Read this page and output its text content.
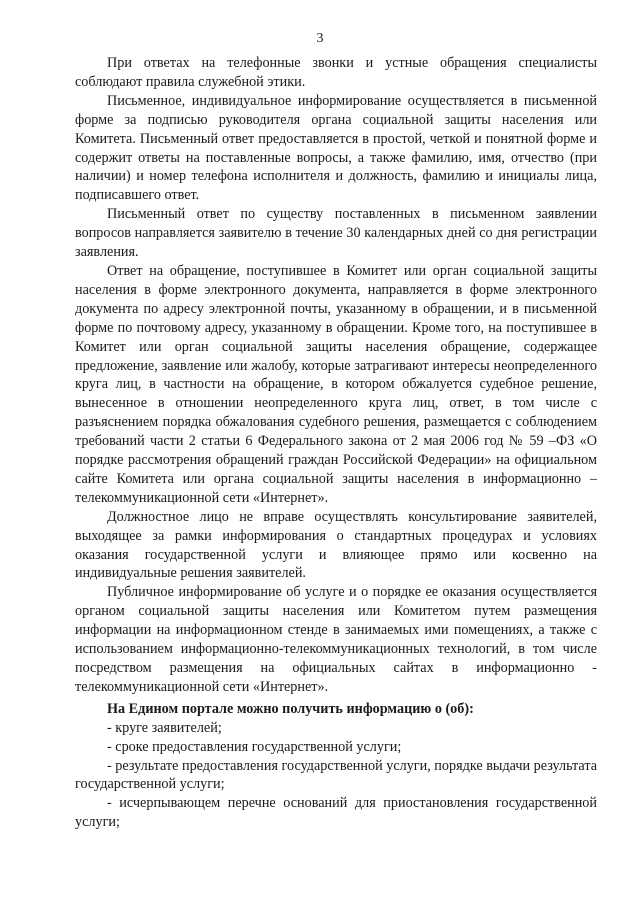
3

При ответах на телефонные звонки и устные обращения специалисты соблюдают правила служебной этики.

Письменное, индивидуальное информирование осуществляется в письменной форме за подписью руководителя органа социальной защиты населения или Комитета. Письменный ответ предоставляется в простой, четкой и понятной форме и содержит ответы на поставленные вопросы, а также фамилию, имя, отчество (при наличии) и номер телефона исполнителя и должность, фамилию и инициалы лица, подписавшего ответ.

Письменный ответ по существу поставленных в письменном заявлении вопросов направляется заявителю в течение 30 календарных дней со дня регистрации заявления.

Ответ на обращение, поступившее в Комитет или орган социальной защиты населения в форме электронного документа, направляется в форме электронного документа по адресу электронной почты, указанному в обращении, и в письменной форме по почтовому адресу, указанному в обращении. Кроме того, на поступившее в Комитет или орган социальной защиты населения обращение, содержащее предложение, заявление или жалобу, которые затрагивают интересы неопределенного круга лиц, в частности на обращение, в котором обжалуется судебное решение, вынесенное в отношении неопределенного круга лиц, ответ, в том числе с разъяснением порядка обжалования судебного решения, размещается с соблюдением требований части 2 статьи 6 Федерального закона от 2 мая 2006 год № 59 –ФЗ «О порядке рассмотрения обращений граждан Российской Федерации» на официальном сайте Комитета или органа социальной защиты населения в информационно – телекоммуникационной сети «Интернет».

Должностное лицо не вправе осуществлять консультирование заявителей, выходящее за рамки информирования о стандартных процедурах и условиях оказания государственной услуги и влияющее прямо или косвенно на индивидуальные решения заявителей.

Публичное информирование об услуге и о порядке ее оказания осуществляется органом социальной защиты населения или Комитетом путем размещения информации на информационном стенде в занимаемых ими помещениях, а также с использованием информационно-телекоммуникационных технологий, в том числе посредством размещения на официальных сайтах в информационно - телекоммуникационной сети «Интернет».

На Едином портале можно получить информацию о (об):

- круге заявителей;

- сроке предоставления государственной услуги;

- результате предоставления государственной услуги, порядке выдачи результата государственной услуги;

- исчерпывающем перечне оснований для приостановления государственной услуги;
